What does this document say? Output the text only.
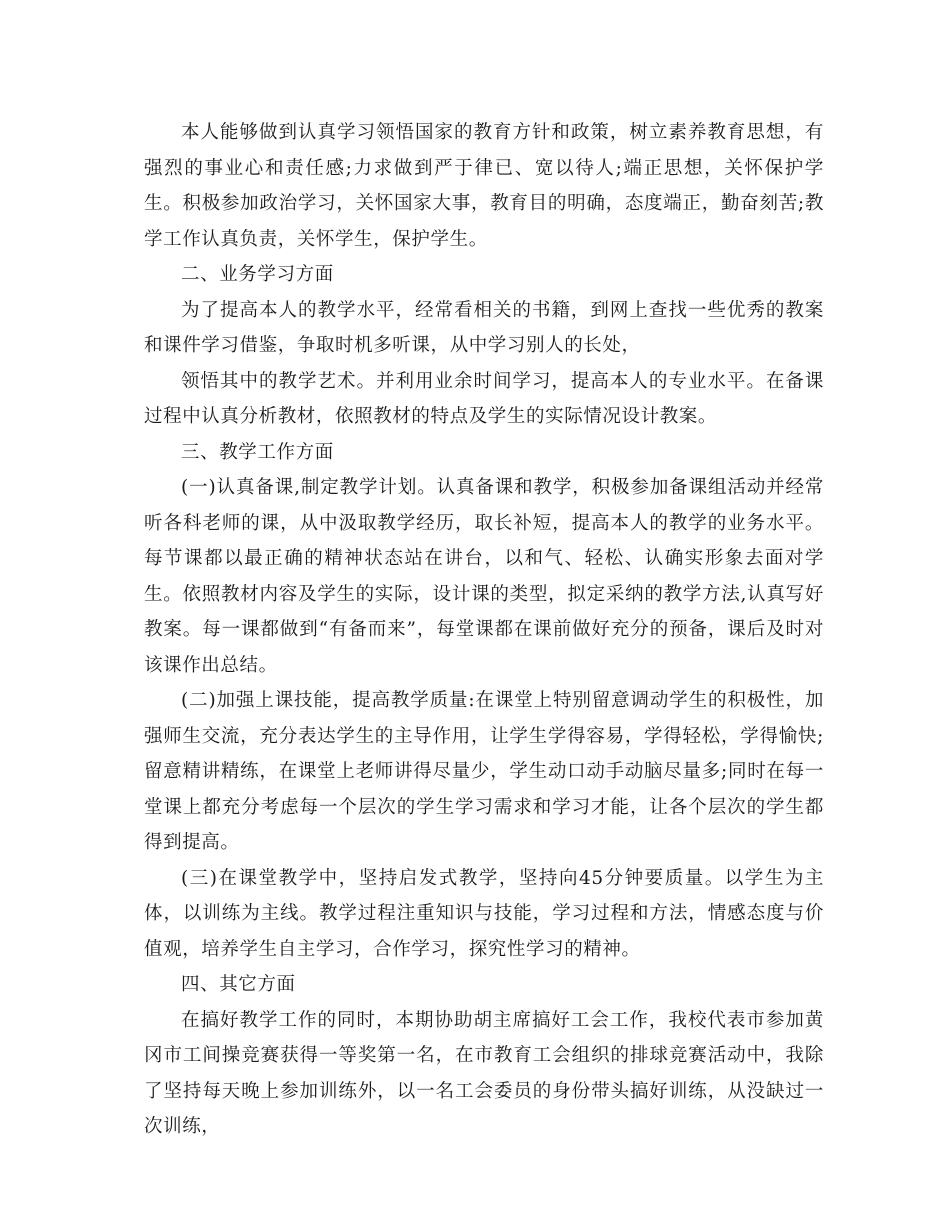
本人能够做到认真学习领悟国家的教育方针和政策，树立素养教育思想，有强烈的事业心和责任感;力求做到严于律已、宽以待人;端正思想，关怀保护学生。积极参加政治学习，关怀国家大事，教育目的明确，态度端正，勤奋刻苦;教学工作认真负责，关怀学生，保护学生。

二、业务学习方面

为了提高本人的教学水平，经常看相关的书籍，到网上查找一些优秀的教案和课件学习借鉴，争取时机多听课，从中学习别人的长处，

领悟其中的教学艺术。并利用业余时间学习，提高本人的专业水平。在备课过程中认真分析教材，依照教材的特点及学生的实际情况设计教案。

三、教学工作方面

(一)认真备课,制定教学计划。认真备课和教学，积极参加备课组活动并经常听各科老师的课，从中汲取教学经历，取长补短，提高本人的教学的业务水平。每节课都以最正确的精神状态站在讲台，以和气、轻松、认确实形象去面对学生。依照教材内容及学生的实际，设计课的类型，拟定采纳的教学方法,认真写好教案。每一课都做到“有备而来”，每堂课都在课前做好充分的预备，课后及时对该课作出总结。

(二)加强上课技能，提高教学质量:在课堂上特别留意调动学生的积极性，加强师生交流，充分表达学生的主导作用，让学生学得容易，学得轻松，学得愉快;留意精讲精练，在课堂上老师讲得尽量少，学生动口动手动脑尽量多;同时在每一堂课上都充分考虑每一个层次的学生学习需求和学习才能，让各个层次的学生都得到提高。

(三)在课堂教学中，坚持启发式教学，坚持向45分钟要质量。以学生为主体，以训练为主线。教学过程注重知识与技能，学习过程和方法，情感态度与价值观，培养学生自主学习，合作学习，探究性学习的精神。

四、其它方面

在搞好教学工作的同时，本期协助胡主席搞好工会工作，我校代表市参加黄冈市工间操竞赛获得一等奖第一名，在市教育工会组织的排球竞赛活动中，我除了坚持每天晚上参加训练外，以一名工会委员的身份带头搞好训练，从没缺过一次训练，
